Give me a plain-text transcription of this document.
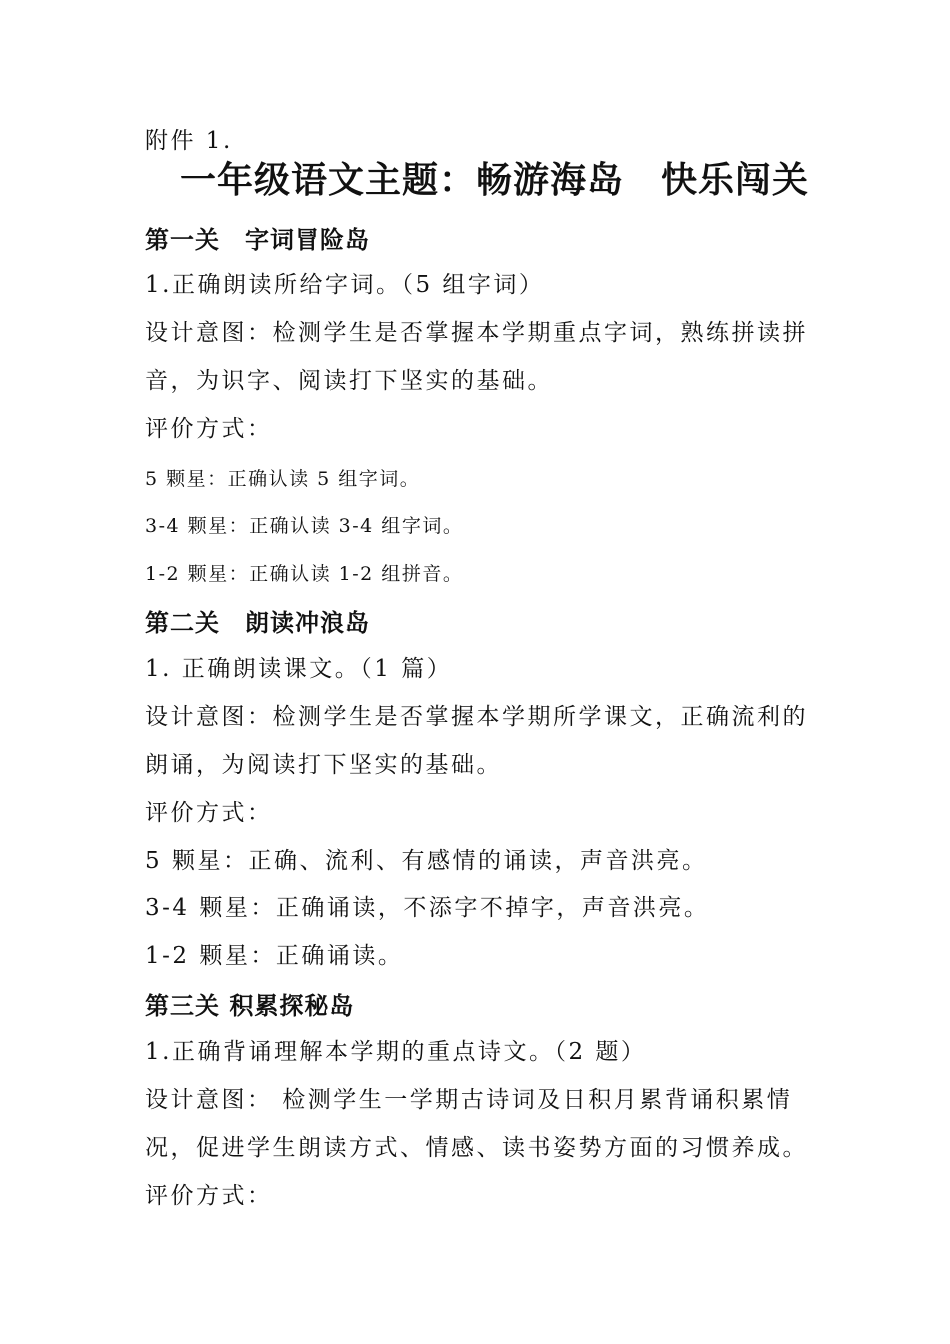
附件 1.
一年级语文主题：畅游海岛　快乐闯关
第一关　字词冒险岛
1.正确朗读所给字词。（5 组字词）
设计意图：检测学生是否掌握本学期重点字词，熟练拼读拼
音，为识字、阅读打下坚实的基础。
评价方式：
5 颗星：正确认读 5 组字词。
3-4 颗星：正确认读 3-4 组字词。
1-2 颗星：正确认读 1-2 组拼音。
第二关　朗读冲浪岛
1. 正确朗读课文。（1 篇）
设计意图：检测学生是否掌握本学期所学课文，正确流利的
朗诵，为阅读打下坚实的基础。
评价方式：
5 颗星：正确、流利、有感情的诵读，声音洪亮。
3-4 颗星：正确诵读，不添字不掉字，声音洪亮。
1-2 颗星：正确诵读。
第三关 积累探秘岛
1.正确背诵理解本学期的重点诗文。（2 题）
设计意图： 检测学生一学期古诗词及日积月累背诵积累情
况，促进学生朗读方式、情感、读书姿势方面的习惯养成。
评价方式：
